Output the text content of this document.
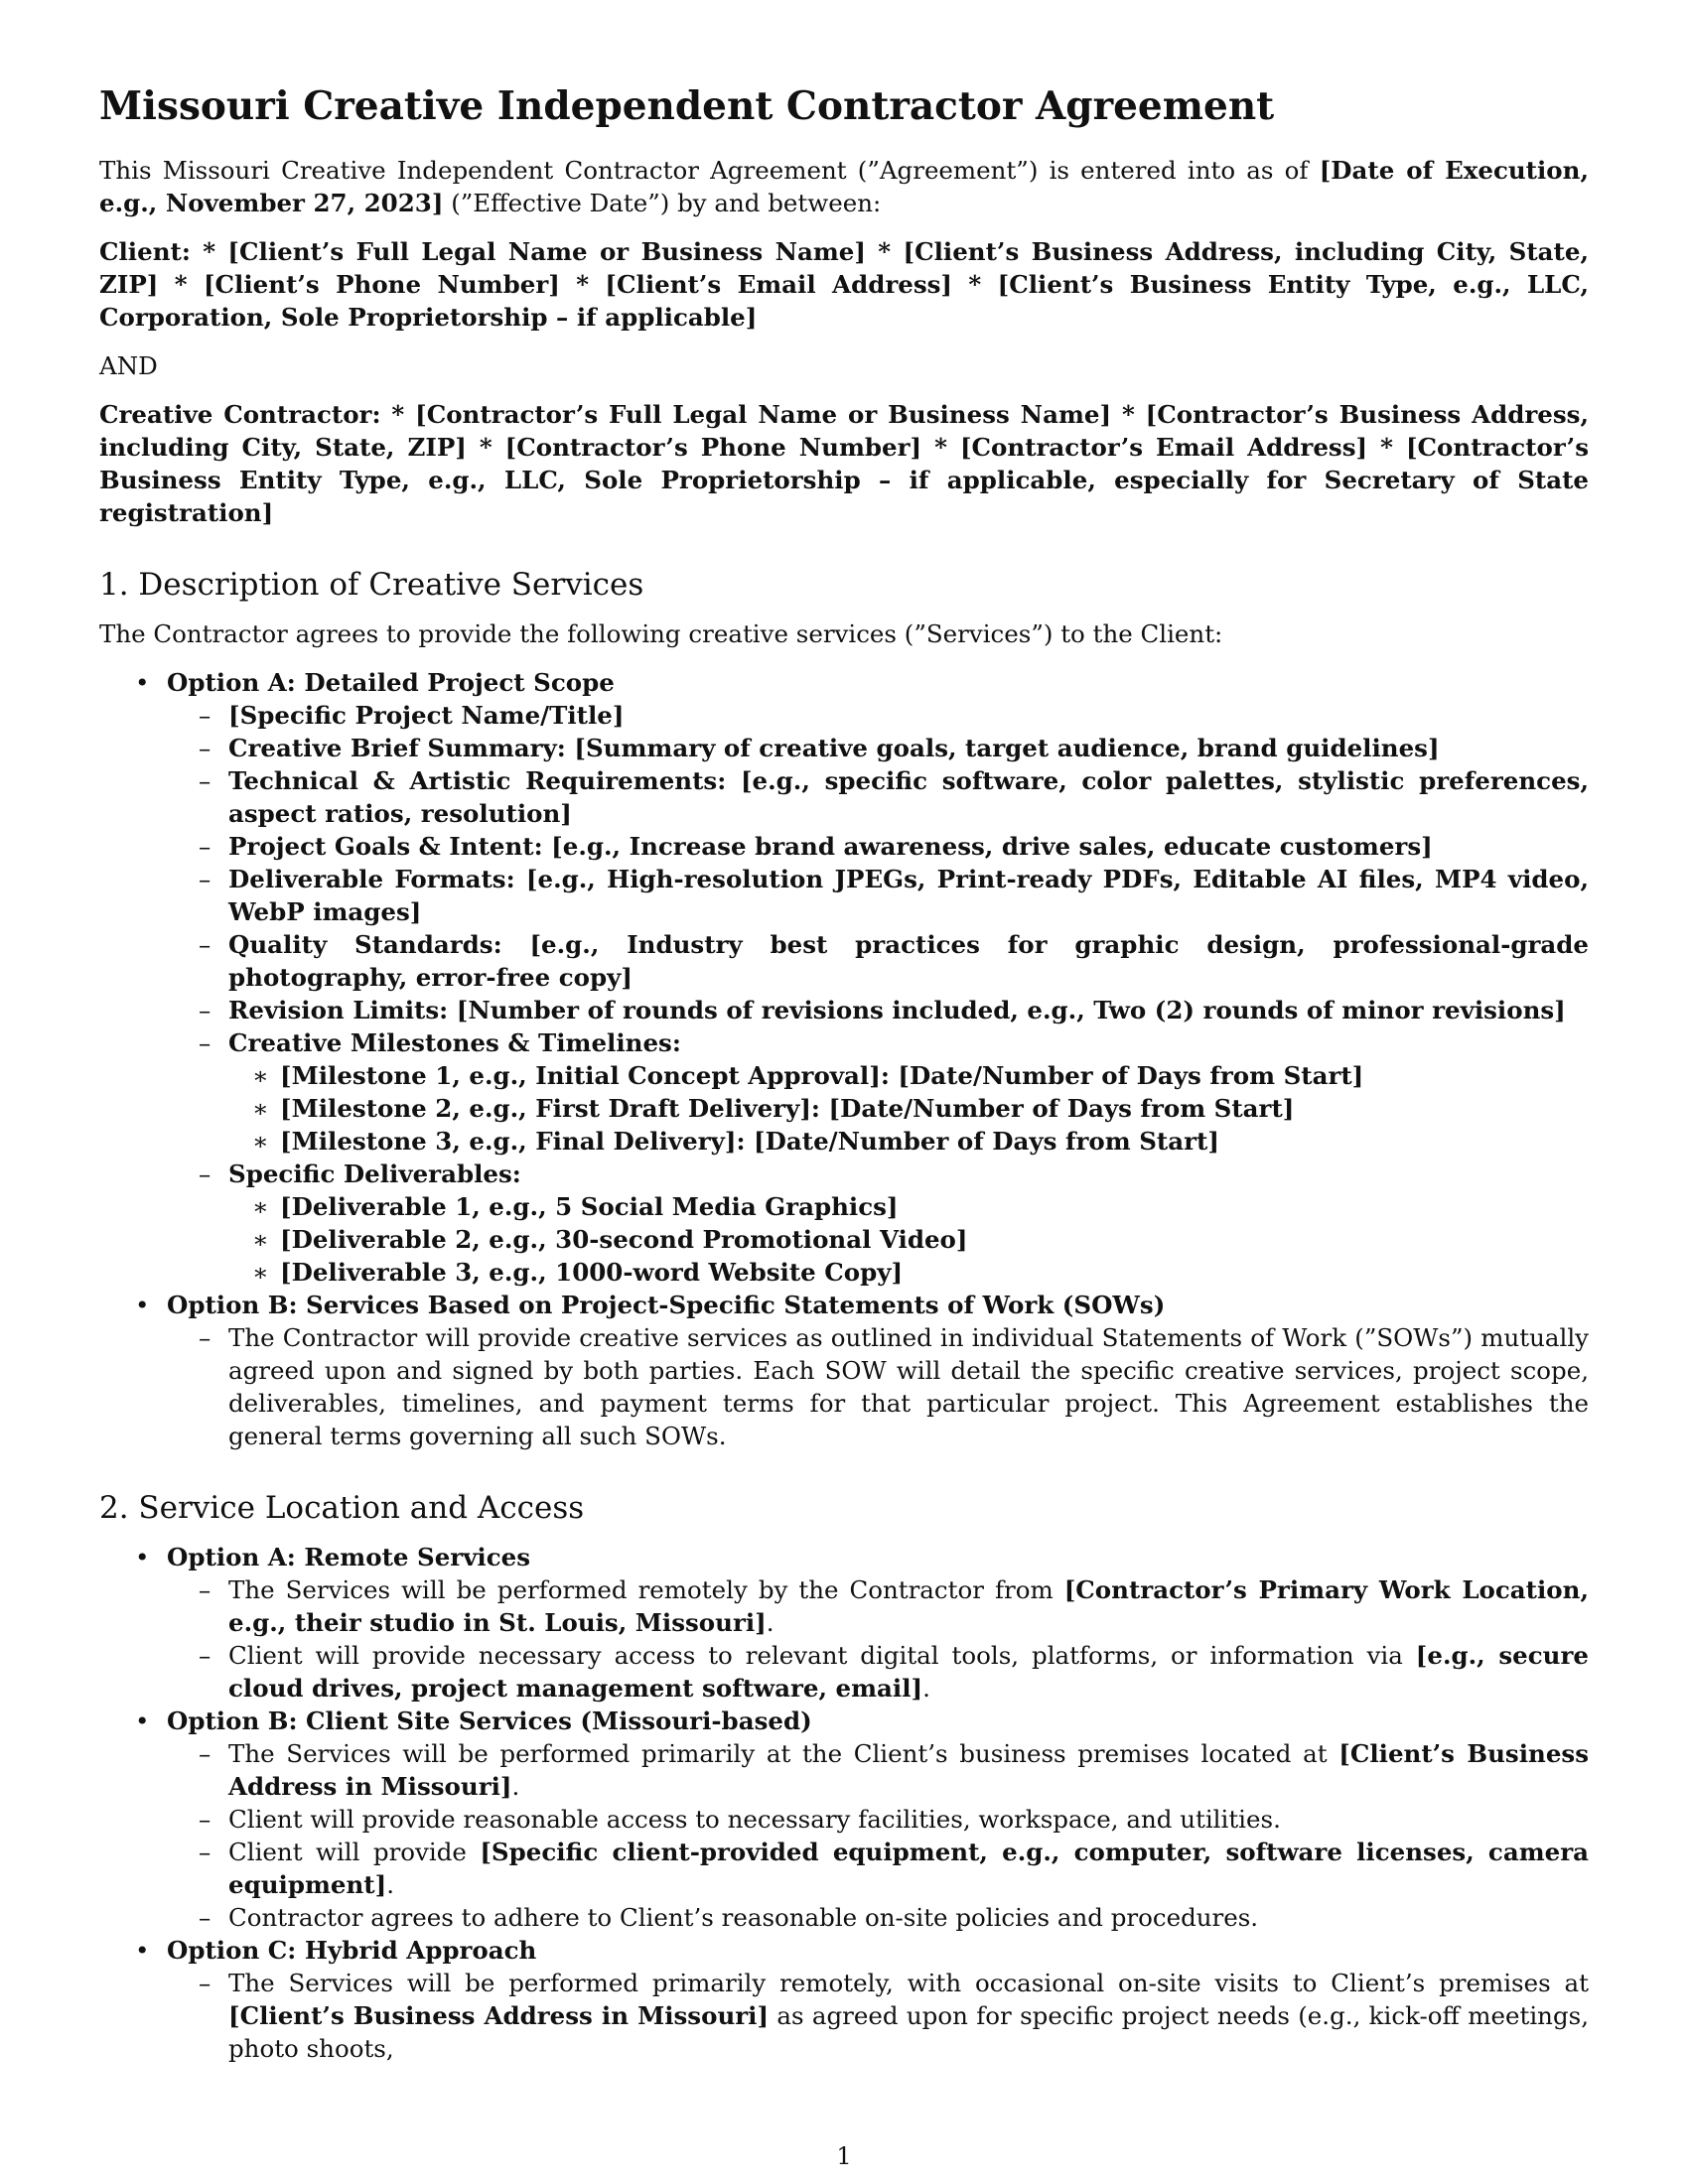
Missouri Creative Independent Contractor Agreement

This Missouri Creative Independent Contractor Agreement (”Agreement”) is entered into as of [Date of Execution, e.g., November 27, 2023] (”Effective Date”) by and between:

Client: * [Client’s Full Legal Name or Business Name] * [Client’s Business Address, including City, State, ZIP] * [Client’s Phone Number] * [Client’s Email Address] * [Client’s Business Entity Type, e.g., LLC, Corporation, Sole Proprietorship – if applicable]

AND

Creative Contractor: * [Contractor’s Full Legal Name or Business Name] * [Contractor’s Business Address, including City, State, ZIP] * [Contractor’s Phone Number] * [Contractor’s Email Address] * [Contractor’s Business Entity Type, e.g., LLC, Sole Proprietorship – if applicable, especially for Secretary of State registration]

1. Description of Creative Services

The Contractor agrees to provide the following creative services (”Services”) to the Client:

• Option A: Detailed Project Scope
– [Specific Project Name/Title]
– Creative Brief Summary: [Summary of creative goals, target audience, brand guidelines]
– Technical & Artistic Requirements: [e.g., specific software, color palettes, stylistic preferences, aspect ratios, resolution]
– Project Goals & Intent: [e.g., Increase brand awareness, drive sales, educate customers]
– Deliverable Formats: [e.g., High-resolution JPEGs, Print-ready PDFs, Editable AI files, MP4 video, WebP images]
– Quality Standards: [e.g., Industry best practices for graphic design, professional-grade photography, error-free copy]
– Revision Limits: [Number of rounds of revisions included, e.g., Two (2) rounds of minor revisions]
– Creative Milestones & Timelines:
∗ [Milestone 1, e.g., Initial Concept Approval]: [Date/Number of Days from Start]
∗ [Milestone 2, e.g., First Draft Delivery]: [Date/Number of Days from Start]
∗ [Milestone 3, e.g., Final Delivery]: [Date/Number of Days from Start]
– Specific Deliverables:
∗ [Deliverable 1, e.g., 5 Social Media Graphics]
∗ [Deliverable 2, e.g., 30-second Promotional Video]
∗ [Deliverable 3, e.g., 1000-word Website Copy]
• Option B: Services Based on Project-Specific Statements of Work (SOWs)
– The Contractor will provide creative services as outlined in individual Statements of Work (”SOWs”) mutually agreed upon and signed by both parties. Each SOW will detail the specific creative services, project scope, deliverables, timelines, and payment terms for that particular project. This Agreement establishes the general terms governing all such SOWs.
2. Service Location and Access
• Option A: Remote Services
– The Services will be performed remotely by the Contractor from [Contractor’s Primary Work Location, e.g., their studio in St. Louis, Missouri].
– Client will provide necessary access to relevant digital tools, platforms, or information via [e.g., secure cloud drives, project management software, email].
• Option B: Client Site Services (Missouri-based)
– The Services will be performed primarily at the Client’s business premises located at [Client’s Business Address in Missouri].
– Client will provide reasonable access to necessary facilities, workspace, and utilities.
– Client will provide [Specific client-provided equipment, e.g., computer, software licenses, camera equipment].
– Contractor agrees to adhere to Client’s reasonable on-site policies and procedures.
• Option C: Hybrid Approach
– The Services will be performed primarily remotely, with occasional on-site visits to Client’s premises at [Client’s Business Address in Missouri] as agreed upon for specific project needs (e.g., kick-off meetings, photo shoots,
1
